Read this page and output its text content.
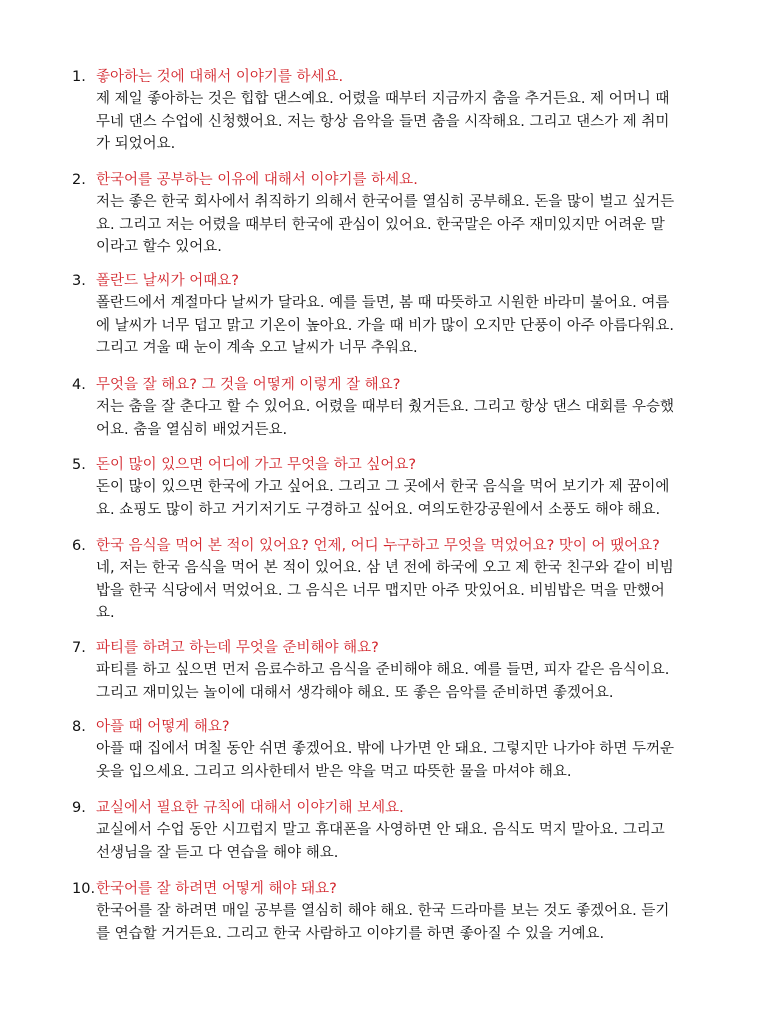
1. 좋아하는 것에 대해서 이야기를 하세요.
제 제일 좋아하는 것은 힙합 댄스예요. 어렸을 때부터 지금까지 춤을 추거든요. 제 어머니 때
무네 댄스 수업에 신청했어요. 저는 항상 음악을 들면 춤을 시작해요. 그리고 댄스가 제 취미
가 되었어요.
2. 한국어를 공부하는 이유에 대해서 이야기를 하세요.
저는 좋은 한국 회사에서 취직하기 의해서 한국어를 열심히 공부해요. 돈을 많이 벌고 싶거든
요. 그리고 저는 어렸을 때부터 한국에 관심이 있어요. 한국말은 아주 재미있지만 어려운 말
이라고 할수 있어요.
3. 폴란드 날씨가 어때요?
폴란드에서 계절마다 날씨가 달라요. 예를 들면, 봄 때 따뜻하고 시원한 바라미 불어요. 여름
에 날씨가 너무 덥고 맑고 기온이 높아요. 가을 때 비가 많이 오지만 단풍이 아주 아름다워요.
그리고 겨울 때 눈이 계속 오고 날씨가 너무 추워요.
4. 무엇을 잘 해요? 그 것을 어떻게 이렇게 잘 해요?
저는 춤을 잘 춘다고 할 수 있어요. 어렸을 때부터 췄거든요. 그리고 항상 댄스 대회를 우승했
어요. 춤을 열심히 배었거든요.
5. 돈이 많이 있으면 어디에 가고 무엇을 하고 싶어요?
돈이 많이 있으면 한국에 가고 싶어요. 그리고 그 곳에서 한국 음식을 먹어 보기가 제 꿈이에
요. 쇼핑도 많이 하고 거기저기도 구경하고 싶어요. 여의도한강공원에서 소풍도 해야 해요.
6. 한국 음식을 먹어 본 적이 있어요? 언제, 어디 누구하고 무엇을 먹었어요? 맛이 어 땠어요?
네, 저는 한국 음식을 먹어 본 적이 있어요. 삼 년 전에 하국에 오고 제 한국 친구와 같이 비빔
밥을 한국 식당에서 먹었어요. 그 음식은 너무 맵지만 아주 맛있어요. 비빔밥은 먹을 만했어
요.
7. 파티를 하려고 하는데 무엇을 준비해야 해요?
파티를 하고 싶으면 먼저 음료수하고 음식을 준비해야 해요. 예를 들면, 피자 같은 음식이요.
그리고 재미있는 놀이에 대해서 생각해야 해요. 또 좋은 음악를 준비하면 좋겠어요.
8. 아플 때 어떻게 해요?
아플 때 집에서 며칠 동안 쉬면 좋겠어요. 밖에 나가면 안 돼요. 그렇지만 나가야 하면 두꺼운
옷을 입으세요. 그리고 의사한테서 받은 약을 먹고 따뜻한 물을 마셔야 해요.
9. 교실에서 필요한 규칙에 대해서 이야기해 보세요.
교실에서 수업 동안 시끄럽지 말고 휴대폰을 사영하면 안 돼요. 음식도 먹지 말아요. 그리고
선생님을 잘 듣고 다 연습을 해야 해요.
10. 한국어를 잘 하려면 어떻게 해야 돼요?
한국어를 잘 하려면 매일 공부를 열심히 해야 해요. 한국 드라마를 보는 것도 좋겠어요. 듣기
를 연습할 거거든요. 그리고 한국 사람하고 이야기를 하면 좋아질 수 있을 거예요.
